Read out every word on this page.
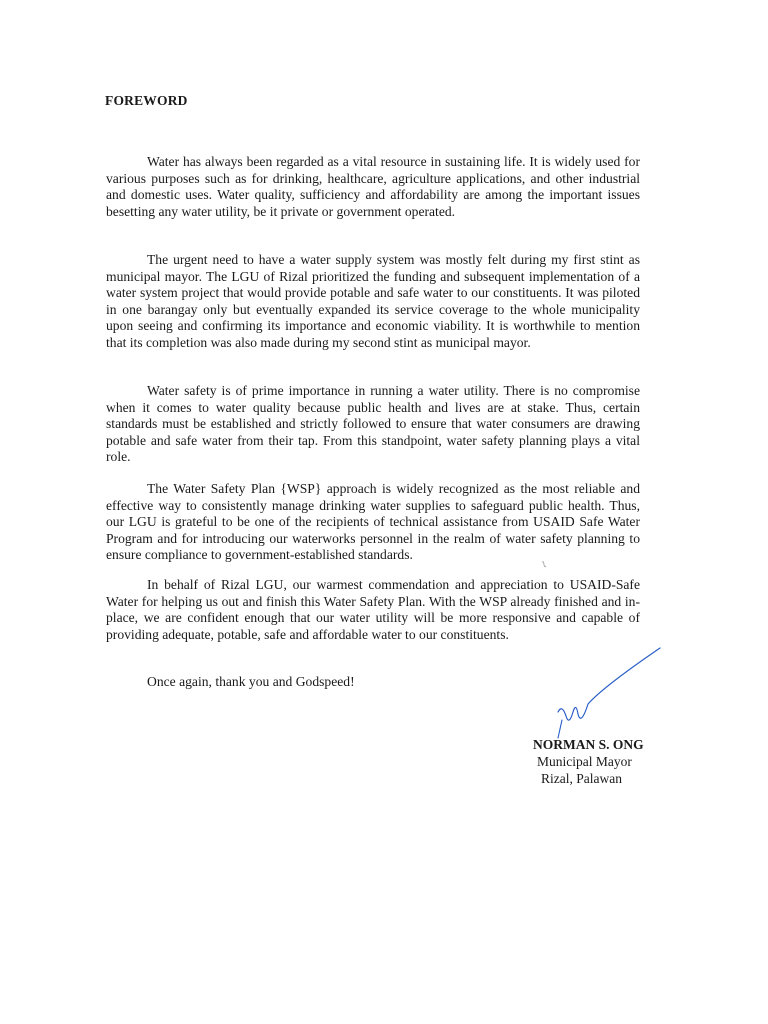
FOREWORD

Water has always been regarded as a vital resource in sustaining life. It is widely used for various purposes such as for drinking, healthcare, agriculture applications, and other industrial and domestic uses. Water quality, sufficiency and affordability are among the important issues besetting any water utility, be it private or government operated.

The urgent need to have a water supply system was mostly felt during my first stint as municipal mayor. The LGU of Rizal prioritized the funding and subsequent implementation of a water system project that would provide potable and safe water to our constituents. It was piloted in one barangay only but eventually expanded its service coverage to the whole municipality upon seeing and confirming its importance and economic viability. It is worthwhile to mention that its completion was also made during my second stint as municipal mayor.

Water safety is of prime importance in running a water utility. There is no compromise when it comes to water quality because public health and lives are at stake. Thus, certain standards must be established and strictly followed to ensure that water consumers are drawing potable and safe water from their tap. From this standpoint, water safety planning plays a vital role.

The Water Safety Plan {WSP} approach is widely recognized as the most reliable and effective way to consistently manage drinking water supplies to safeguard public health. Thus, our LGU is grateful to be one of the recipients of technical assistance from USAID Safe Water Program and for introducing our waterworks personnel in the realm of water safety planning to ensure compliance to government-established standards.

In behalf of Rizal LGU, our warmest commendation and appreciation to USAID-Safe Water for helping us out and finish this Water Safety Plan. With the WSP already finished and in-place, we are confident enough that our water utility will be more responsive and capable of providing adequate, potable, safe and affordable water to our constituents.

Once again, thank you and Godspeed!

NORMAN S. ONG
Municipal Mayor
Rizal, Palawan
